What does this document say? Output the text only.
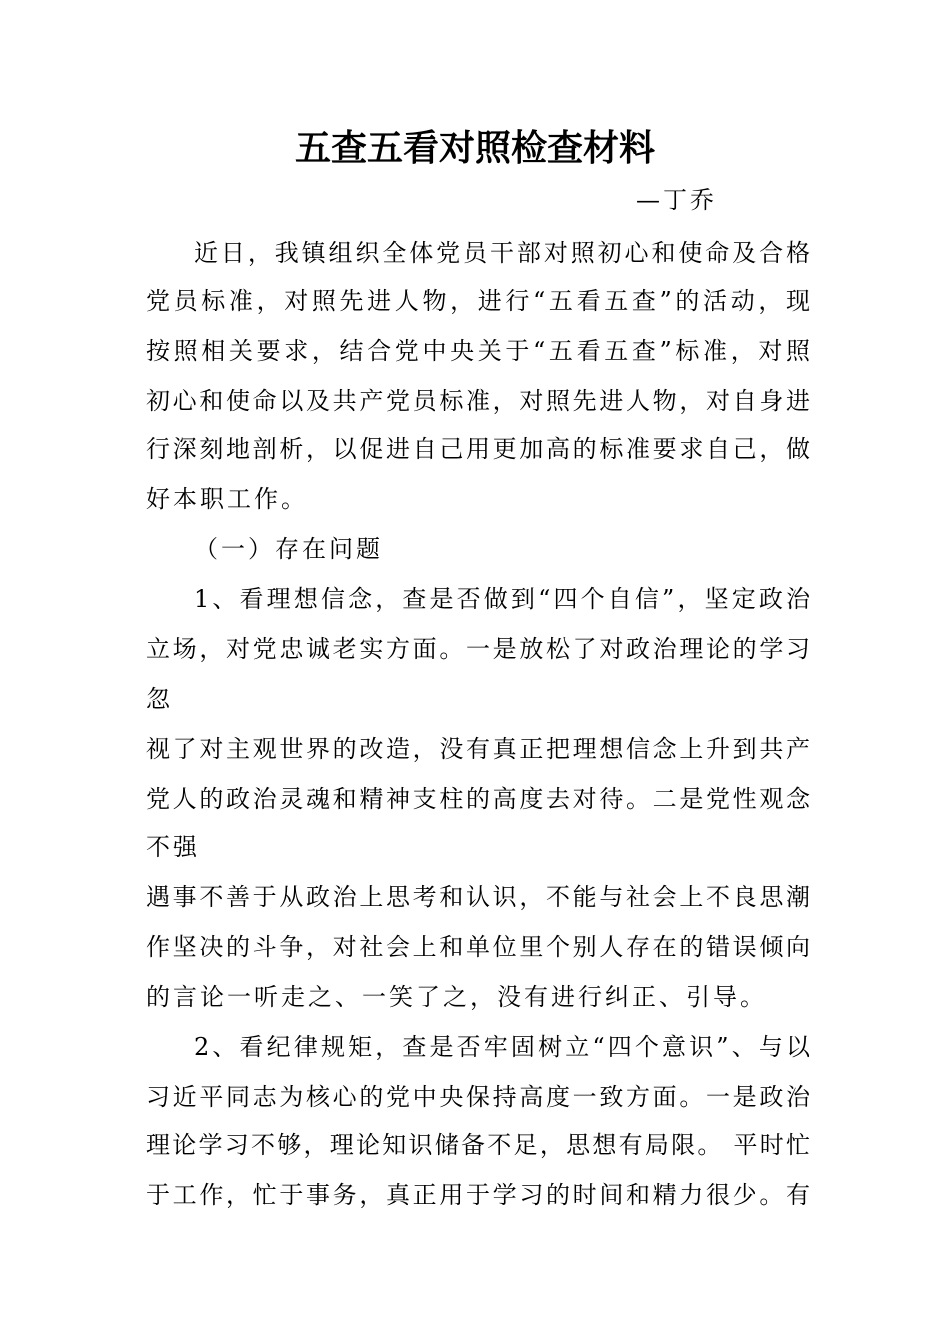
五查五看对照检查材料
—丁乔
近日，我镇组织全体党员干部对照初心和使命及合格
党员标准，对照先进人物，进行“五看五查”的活动，现
按照相关要求，结合党中央关于“五看五查”标准，对照
初心和使命以及共产党员标准，对照先进人物，对自身进
行深刻地剖析，以促进自己用更加高的标准要求自己，做
好本职工作。
（一）存在问题
1、看理想信念，查是否做到“四个自信”，坚定政治
立场，对党忠诚老实方面。一是放松了对政治理论的学习
忽
视了对主观世界的改造，没有真正把理想信念上升到共产
党人的政治灵魂和精神支柱的高度去对待。二是党性观念
不强
遇事不善于从政治上思考和认识，不能与社会上不良思潮
作坚决的斗争，对社会上和单位里个别人存在的错误倾向
的言论一听走之、一笑了之，没有进行纠正、引导。
2、看纪律规矩，查是否牢固树立“四个意识”、与以
习近平同志为核心的党中央保持高度一致方面。一是政治
理论学习不够，理论知识储备不足，思想有局限。 平时忙
于工作，忙于事务，真正用于学习的时间和精力很少。有
